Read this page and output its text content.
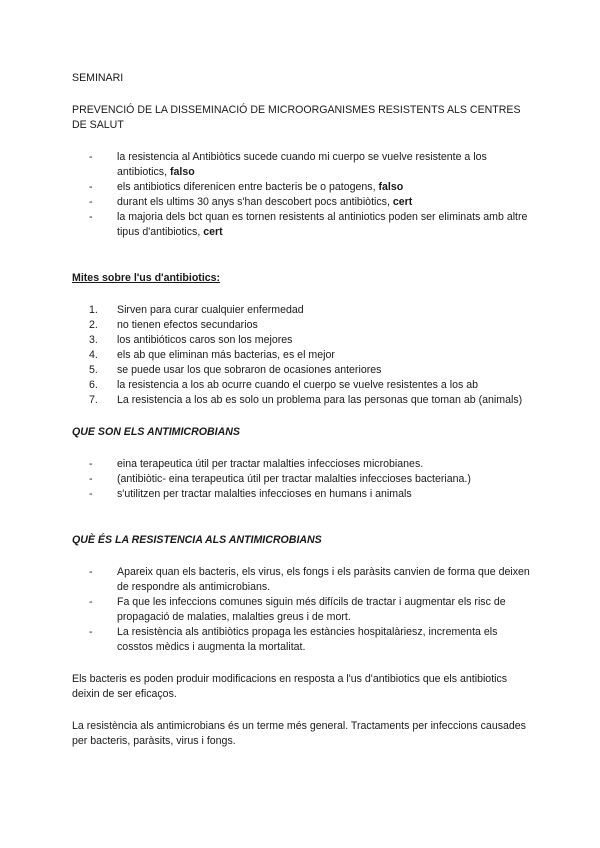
SEMINARI

PREVENCIÓ DE LA DISSEMINACIÓ DE MICROORGANISMES RESISTENTS ALS CENTRES DE SALUT

-	la resistencia al Antibiòtics sucede cuando mi cuerpo se vuelve resistente a los antibiotics, falso
-	els antibiotics diferenicen entre bacteris be o patogens, falso
-	durant els ultims 30 anys s'han descobert pocs antibiòtics, cert
-	la majoria dels bct quan es tornen resistents al antiniotics poden ser eliminats amb altre tipus d'antibiotics, cert

Mites sobre l'us d'antibiotics:

1.	Sirven para curar cualquier enfermedad
2.	no tienen efectos secundarios
3.	los antibióticos caros son los mejores
4.	els ab que eliminan más bacterias, es el mejor
5.	se puede usar los que sobraron de ocasiones anteriores
6.	la resistencia a los ab ocurre cuando el cuerpo se vuelve resistentes a los ab
7.	La resistencia a los ab es solo un problema para las personas que toman ab (animals)

QUE SON ELS ANTIMICROBIANS

-	eina terapeutica útil per tractar malalties infeccioses microbianes.
-	(antibiòtic- eina terapeutica útil per tractar malalties infeccioses bacteriana.)
-	s'utilitzen per tractar malalties infeccioses en humans i animals

QUÈ ÉS LA RESISTENCIA ALS ANTIMICROBIANS

-	Apareix quan els bacteris, els virus, els fongs i els paràsits canvien de forma que deixen de respondre als antimicrobians.
-	Fa que les infeccions comunes siguin més difícils de tractar i augmentar els risc de propagació de malaties, malalties greus i de mort.
-	La resistència als antibiòtics propaga les estàncies hospitalàriesz, incrementa els cosstos mèdics i augmenta la mortalitat.

Els bacteris es poden produir modificacions en resposta a l'us d'antibiotics que els antibiotics deixin de ser eficaços.

La resistència als antimicrobians és un terme més general. Tractaments per infeccions causades per bacteris, paràsits, virus i fongs.
